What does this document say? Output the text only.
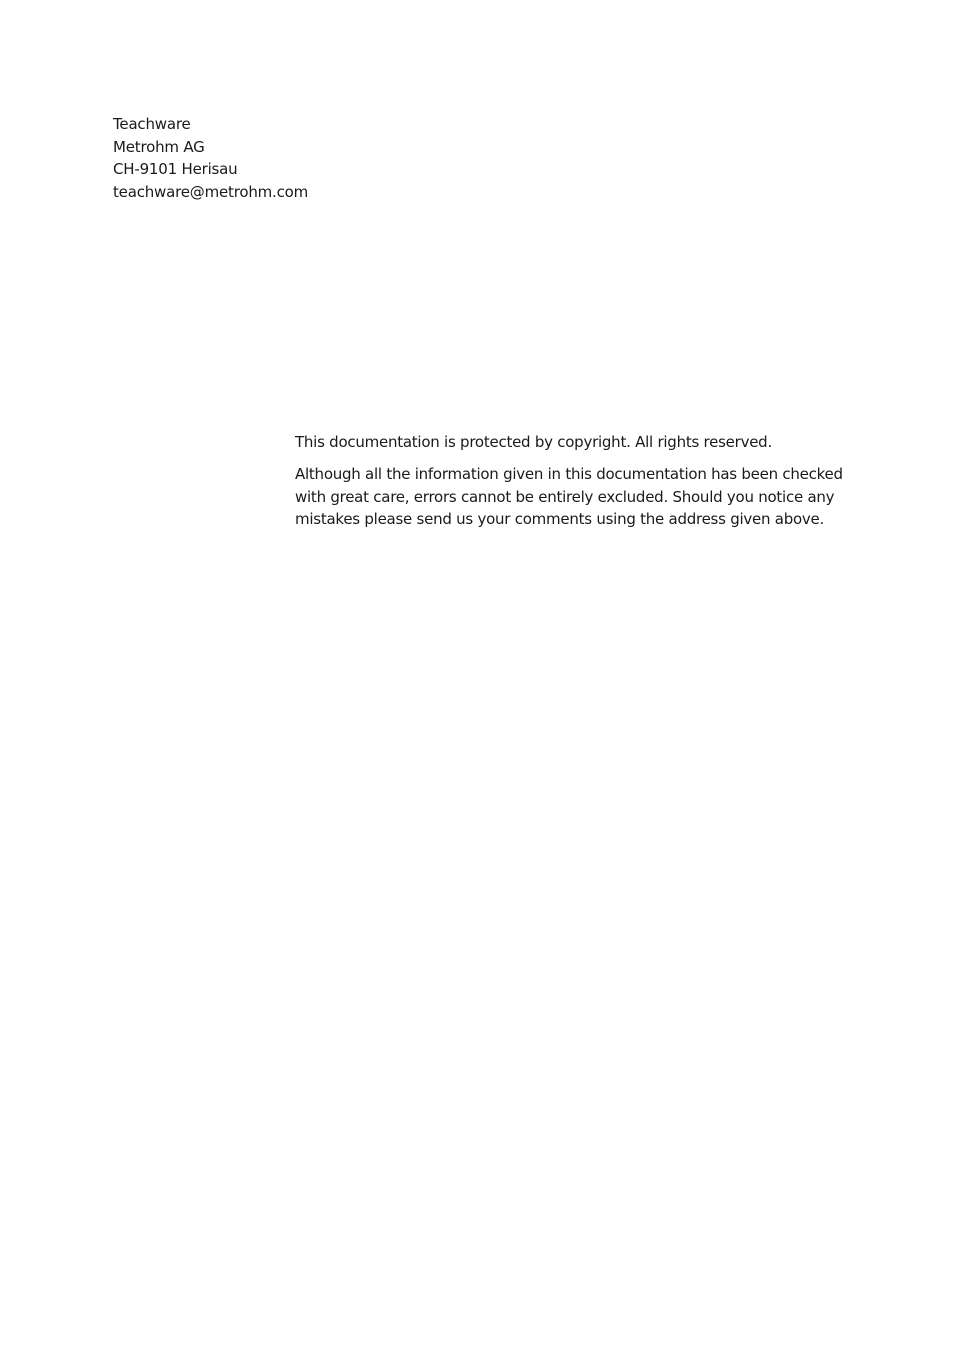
Teachware
Metrohm AG
CH-9101 Herisau
teachware@metrohm.com

This documentation is protected by copyright. All rights reserved.

Although all the information given in this documentation has been checked
with great care, errors cannot be entirely excluded. Should you notice any
mistakes please send us your comments using the address given above.
